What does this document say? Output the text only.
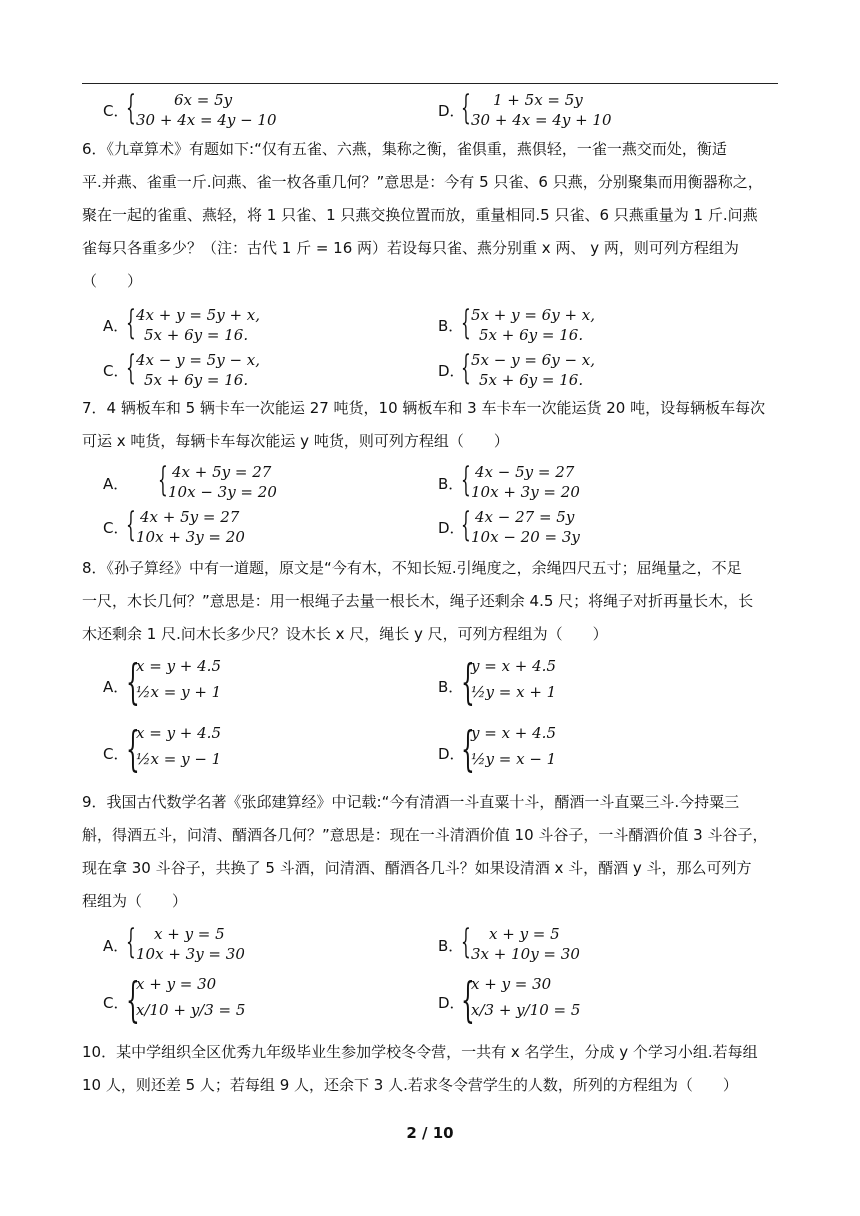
C．
{	6x = 5y
30 + 4x = 4y − 10	D．
{ 1 + 5x = 5y
30 + 4x = 4y + 10
6．《九章算术》有题如下:“仅有五雀、六燕，集称之衡，雀俱重，燕俱轻，一雀一燕交而处，衡适
平.并燕、雀重一斤.问燕、雀一枚各重几何？”意思是：今有 5 只雀、6 只燕，分别聚集而用衡器称之，
聚在一起的雀重、燕轻，将 1 只雀、1 只燕交换位置而放，重量相同.5 只雀、6 只燕重量为 1 斤.问燕
雀每只各重多少？（注：古代 1 斤 = 16 两）若设每只雀、燕分别重 x 两、 y 两，则可列方程组为
（　　）
A．
{ 4x + y = 5y + x,
5x + 6y = 16.	B．
{ 5x + y = 6y + x,
5x + 6y = 16.
C．
{ 4x − y = 5y − x,
5x + 6y = 16.	D．
{ 5x − y = 6y − x,
5x + 6y = 16.
7．4 辆板车和 5 辆卡车一次能运 27 吨货，10 辆板车和 3 车卡车一次能运货 20 吨，设每辆板车每次
可运 x 吨货，每辆卡车每次能运 y 吨货，则可列方程组（　　）
A． { 4x + 5y = 27
10x − 3y = 20	B．
{ 4x − 5y = 27
10x + 3y = 20
C．
{ 4x + 5y = 27
10x + 3y = 20	D．
{ 4x − 27 = 5y
10x − 20 = 3y
8．《孙子算经》中有一道题，原文是“今有木，不知长短.引绳度之，余绳四尺五寸；屈绳量之，不足
一尺，木长几何？”意思是：用一根绳子去量一根长木，绳子还剩余 4.5 尺；将绳子对折再量长木，长
木还剩余 1 尺.问木长多少尺？设木长 x 尺，绳长 y 尺，可列方程组为（　　）
A．
{
x = y + 4.5
½x = y + 1	B．
{
y = x + 4.5
½y = x + 1
C．
{
x = y + 4.5
½x = y − 1	D．
{
y = x + 4.5
½y = x − 1
9．我国古代数学名著《张邱建算经》中记载:“今有清酒一斗直粟十斗，醑酒一斗直粟三斗.今持粟三
斛，得酒五斗，问清、醑酒各几何？”意思是：现在一斗清酒价值 10 斗谷子，一斗醑酒价值 3 斗谷子，
现在拿 30 斗谷子，共换了 5 斗酒，问清酒、醑酒各几斗？如果设清酒 x 斗，醑酒 y 斗，那么可列方
程组为（　　）
A．
{ x + y = 5
10x + 3y = 30	B．
{ x + y = 5
3x + 10y = 30
C．
{
x + y = 30
x/10 + y/3 = 5	D．
{
x + y = 30
x/3 + y/10 = 5
10．某中学组织全区优秀九年级毕业生参加学校冬令营，一共有 x 名学生，分成 y 个学习小组.若每组
10 人，则还差 5 人；若每组 9 人，还余下 3 人.若求冬令营学生的人数，所列的方程组为（　　）
2 / 10
